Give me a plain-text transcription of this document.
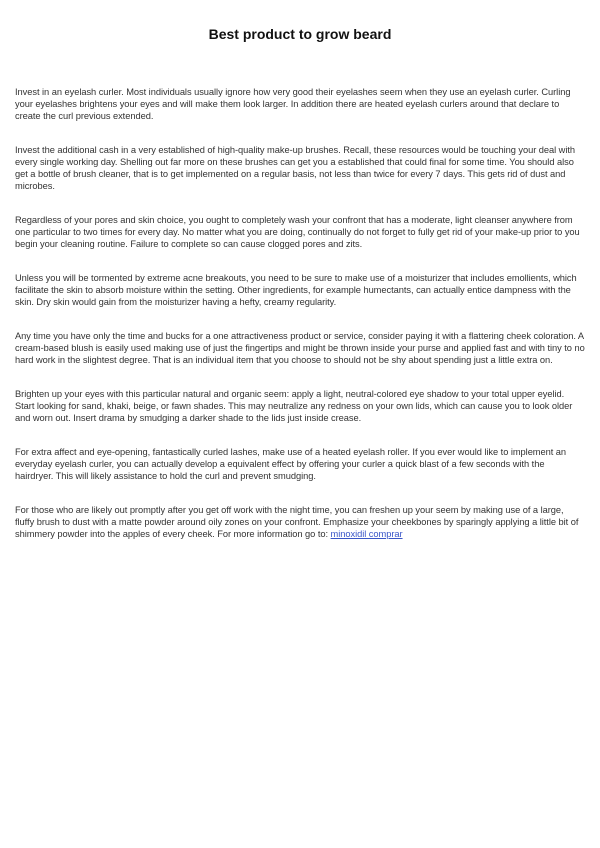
Best product to grow beard

Invest in an eyelash curler. Most individuals usually ignore how very good their eyelashes seem when they use an eyelash curler. Curling your eyelashes brightens your eyes and will make them look larger. In addition there are heated eyelash curlers around that declare to create the curl previous extended.

Invest the additional cash in a very established of high-quality make-up brushes. Recall, these resources would be touching your deal with every single working day. Shelling out far more on these brushes can get you a established that could final for some time. You should also get a bottle of brush cleaner, that is to get implemented on a regular basis, not less than twice for every 7 days. This gets rid of dust and microbes.

Regardless of your pores and skin choice, you ought to completely wash your confront that has a moderate, light cleanser anywhere from one particular to two times for every day. No matter what you are doing, continually do not forget to fully get rid of your make-up prior to you begin your cleaning routine. Failure to complete so can cause clogged pores and zits.

Unless you will be tormented by extreme acne breakouts, you need to be sure to make use of a moisturizer that includes emollients, which facilitate the skin to absorb moisture within the setting. Other ingredients, for example humectants, can actually entice dampness with the skin. Dry skin would gain from the moisturizer having a hefty, creamy regularity.

Any time you have only the time and bucks for a one attractiveness product or service, consider paying it with a flattering cheek coloration. A cream-based blush is easily used making use of just the fingertips and might be thrown inside your purse and applied fast and with tiny to no hard work in the slightest degree. That is an individual item that you choose to should not be shy about spending just a little extra on.

Brighten up your eyes with this particular natural and organic seem: apply a light, neutral-colored eye shadow to your total upper eyelid. Start looking for sand, khaki, beige, or fawn shades. This may neutralize any redness on your own lids, which can cause you to look older and worn out. Insert drama by smudging a darker shade to the lids just inside crease.

For extra affect and eye-opening, fantastically curled lashes, make use of a heated eyelash roller. If you ever would like to implement an everyday eyelash curler, you can actually develop a equivalent effect by offering your curler a quick blast of a few seconds with the hairdryer. This will likely assistance to hold the curl and prevent smudging.

For those who are likely out promptly after you get off work with the night time, you can freshen up your seem by making use of a large, fluffy brush to dust with a matte powder around oily zones on your confront. Emphasize your cheekbones by sparingly applying a little bit of shimmery powder into the apples of every cheek. For more information go to: minoxidil comprar
